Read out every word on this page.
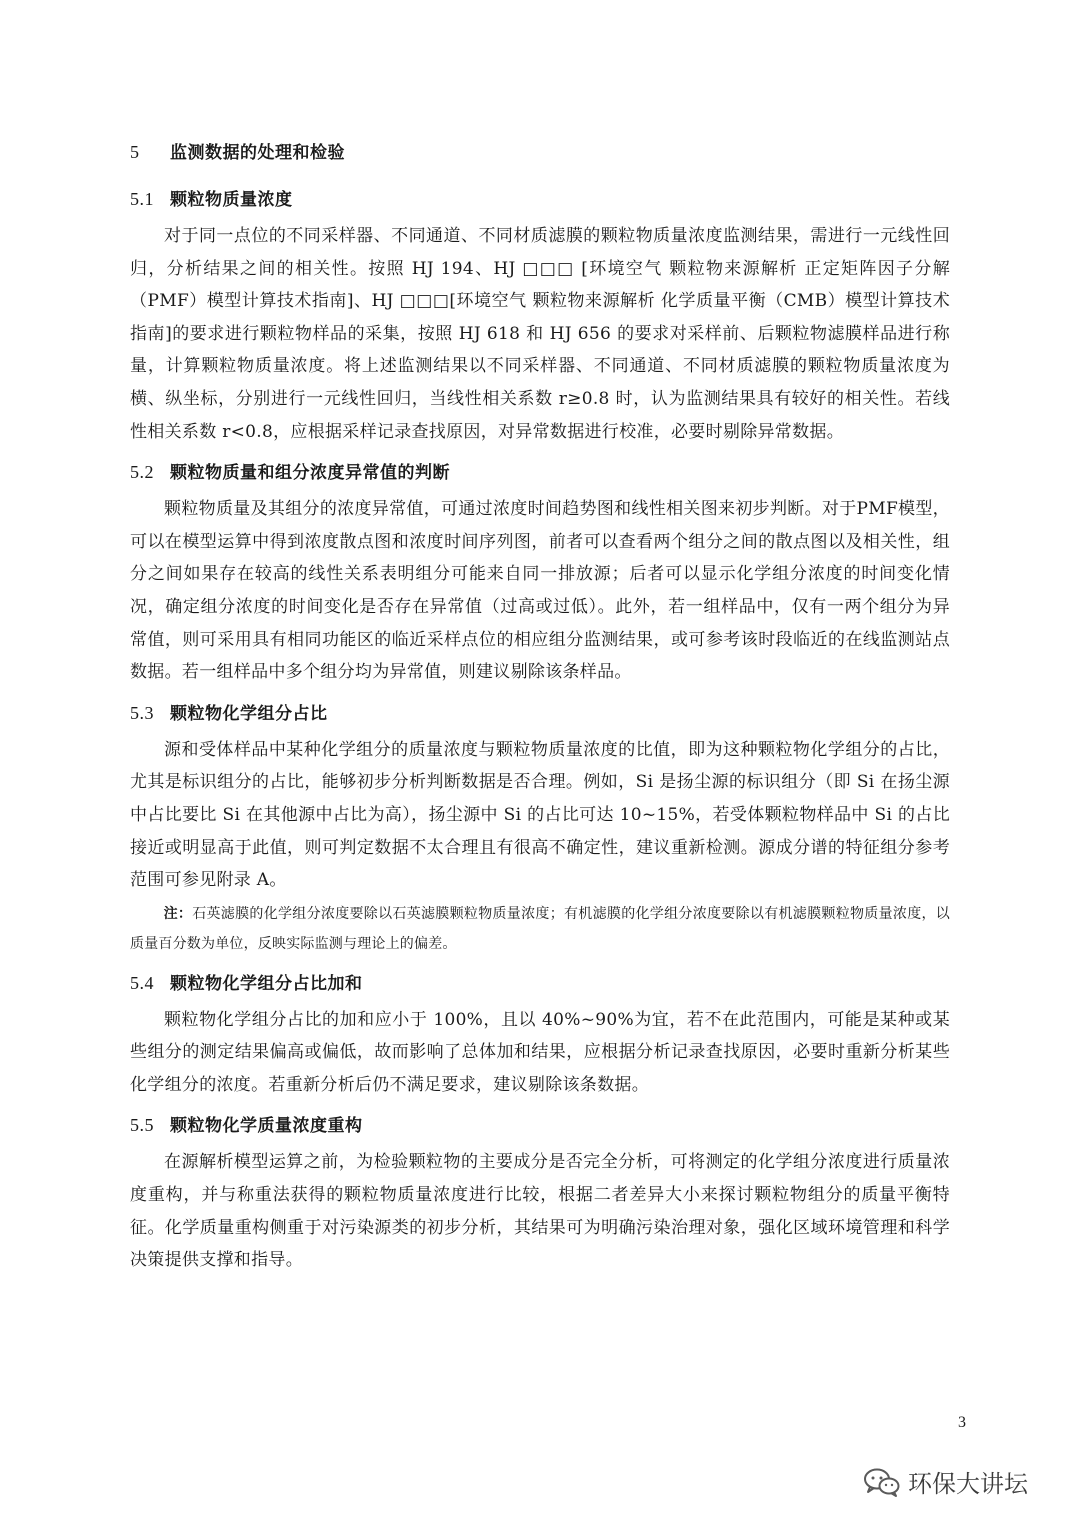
5	监测数据的处理和检验
5.1 颗粒物质量浓度
对于同一点位的不同采样器、不同通道、不同材质滤膜的颗粒物质量浓度监测结果，需进行一元线性回归，分析结果之间的相关性。按照 HJ 194、HJ □□□ [环境空气 颗粒物来源解析 正定矩阵因子分解（PMF）模型计算技术指南]、HJ □□□[环境空气 颗粒物来源解析 化学质量平衡（CMB）模型计算技术指南]的要求进行颗粒物样品的采集，按照 HJ 618 和 HJ 656 的要求对采样前、后颗粒物滤膜样品进行称量，计算颗粒物质量浓度。将上述监测结果以不同采样器、不同通道、不同材质滤膜的颗粒物质量浓度为横、纵坐标，分别进行一元线性回归，当线性相关系数 r≥0.8 时，认为监测结果具有较好的相关性。若线性相关系数 r<0.8，应根据采样记录查找原因，对异常数据进行校准，必要时剔除异常数据。
5.2 颗粒物质量和组分浓度异常值的判断
颗粒物质量及其组分的浓度异常值，可通过浓度时间趋势图和线性相关图来初步判断。对于PMF模型，可以在模型运算中得到浓度散点图和浓度时间序列图，前者可以查看两个组分之间的散点图以及相关性，组分之间如果存在较高的线性关系表明组分可能来自同一排放源；后者可以显示化学组分浓度的时间变化情况，确定组分浓度的时间变化是否存在异常值（过高或过低）。此外，若一组样品中，仅有一两个组分为异常值，则可采用具有相同功能区的临近采样点位的相应组分监测结果，或可参考该时段临近的在线监测站点数据。若一组样品中多个组分均为异常值，则建议剔除该条样品。
5.3 颗粒物化学组分占比
源和受体样品中某种化学组分的质量浓度与颗粒物质量浓度的比值，即为这种颗粒物化学组分的占比，尤其是标识组分的占比，能够初步分析判断数据是否合理。例如，Si 是扬尘源的标识组分（即 Si 在扬尘源中占比要比 Si 在其他源中占比为高），扬尘源中 Si 的占比可达 10~15%，若受体颗粒物样品中 Si 的占比接近或明显高于此值，则可判定数据不太合理且有很高不确定性，建议重新检测。源成分谱的特征组分参考范围可参见附录 A。
注：石英滤膜的化学组分浓度要除以石英滤膜颗粒物质量浓度；有机滤膜的化学组分浓度要除以有机滤膜颗粒物质量浓度，以质量百分数为单位，反映实际监测与理论上的偏差。
5.4 颗粒物化学组分占比加和
颗粒物化学组分占比的加和应小于 100%，且以 40%~90%为宜，若不在此范围内，可能是某种或某些组分的测定结果偏高或偏低，故而影响了总体加和结果，应根据分析记录查找原因，必要时重新分析某些化学组分的浓度。若重新分析后仍不满足要求，建议剔除该条数据。
5.5 颗粒物化学质量浓度重构
在源解析模型运算之前，为检验颗粒物的主要成分是否完全分析，可将测定的化学组分浓度进行质量浓度重构，并与称重法获得的颗粒物质量浓度进行比较，根据二者差异大小来探讨颗粒物组分的质量平衡特征。化学质量重构侧重于对污染源类的初步分析，其结果可为明确污染治理对象，强化区域环境管理和科学决策提供支撑和指导。
3
环保大讲坛
